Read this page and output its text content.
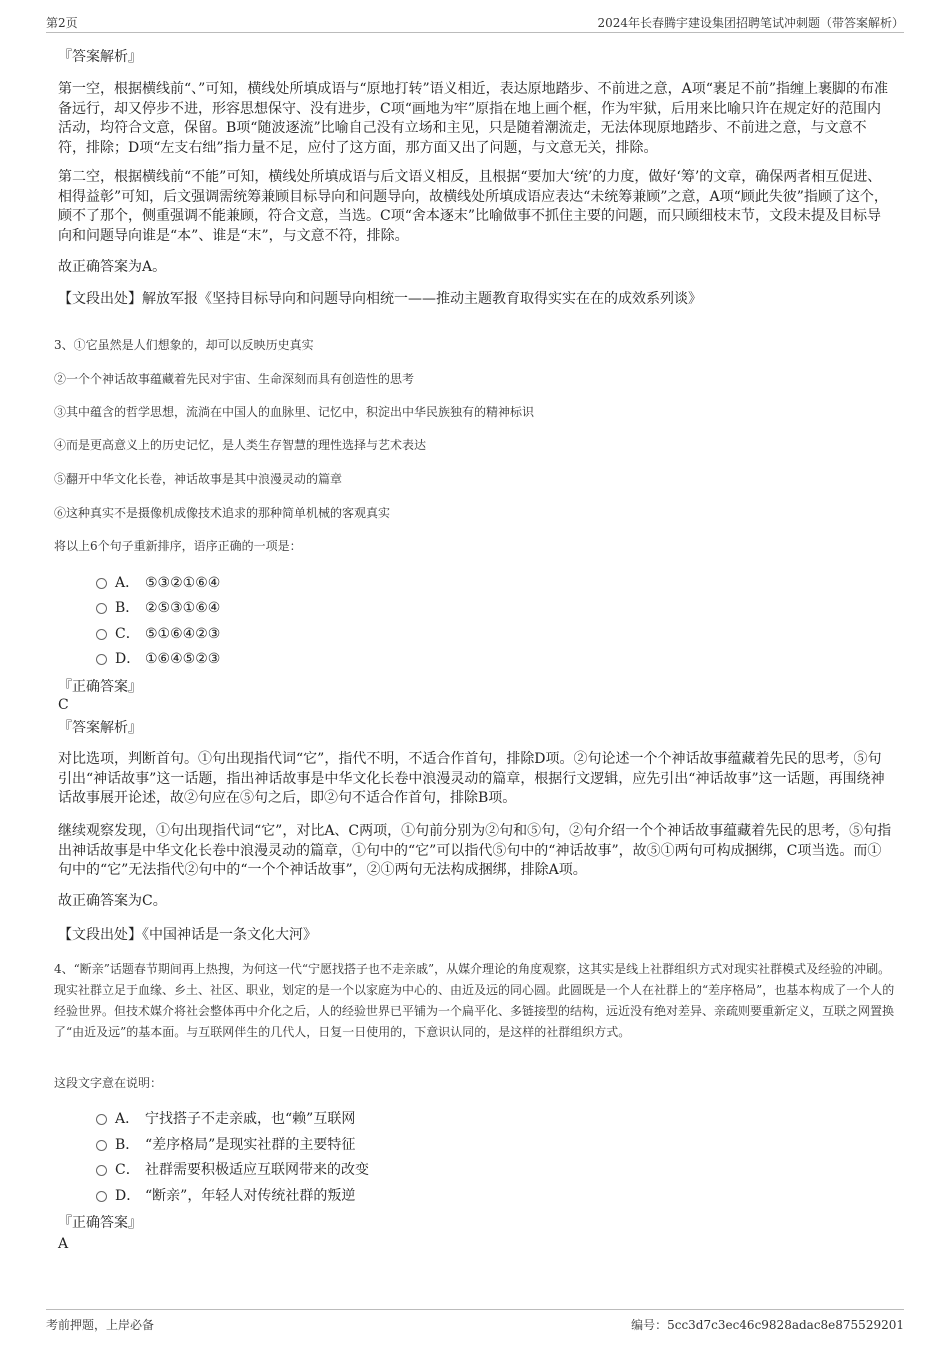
第2页	2024年长春腾宇建设集团招聘笔试冲刺题（带答案解析）
『答案解析』

第一空，根据横线前“、”可知，横线处所填成语与“原地打转”语义相近，表达原地踏步、不前进之意，A项“裹足不前”指缠上裹脚的布准备远行，却又停步不进，形容思想保守、没有进步，C项“画地为牢”原指在地上画个框，作为牢狱，后用来比喻只许在规定好的范围内活动，均符合文意，保留。B项“随波逐流”比喻自己没有立场和主见，只是随着潮流走，无法体现原地踏步、不前进之意，与文意不符，排除；D项“左支右绌”指力量不足，应付了这方面，那方面又出了问题，与文意无关，排除。

第二空，根据横线前“不能”可知，横线处所填成语与后文语义相反，且根据“要加大‘统’的力度，做好‘筹’的文章，确保两者相互促进、相得益彰”可知，后文强调需统筹兼顾目标导向和问题导向，故横线处所填成语应表达“未统筹兼顾”之意，A项“顾此失彼”指顾了这个，顾不了那个，侧重强调不能兼顾，符合文意，当选。C项“舍本逐末”比喻做事不抓住主要的问题，而只顾细枝末节，文段未提及目标导向和问题导向谁是“本”、谁是“末”，与文意不符，排除。

故正确答案为A。

【文段出处】解放军报《坚持目标导向和问题导向相统一——推动主题教育取得实实在在的成效系列谈》

3、①它虽然是人们想象的，却可以反映历史真实

②一个个神话故事蕴藏着先民对宇宙、生命深刻而具有创造性的思考

③其中蕴含的哲学思想，流淌在中国人的血脉里、记忆中，积淀出中华民族独有的精神标识

④而是更高意义上的历史记忆，是人类生存智慧的理性选择与艺术表达

⑤翻开中华文化长卷，神话故事是其中浪漫灵动的篇章

⑥这种真实不是摄像机成像技术追求的那种简单机械的客观真实

将以上6个句子重新排序，语序正确的一项是：

A． ⑤③②①⑥④
B． ②⑤③①⑥④
C． ⑤①⑥④②③
D． ①⑥④⑤②③
『正确答案』
C
『答案解析』

对比选项，判断首句。①句出现指代词“它”，指代不明，不适合作首句，排除D项。②句论述一个个神话故事蕴藏着先民的思考，⑤句引出“神话故事”这一话题，指出神话故事是中华文化长卷中浪漫灵动的篇章，根据行文逻辑，应先引出“神话故事”这一话题，再围绕神话故事展开论述，故②句应在⑤句之后，即②句不适合作首句，排除B项。

继续观察发现，①句出现指代词“它”，对比A、C两项，①句前分别为②句和⑤句，②句介绍一个个神话故事蕴藏着先民的思考，⑤句指出神话故事是中华文化长卷中浪漫灵动的篇章，①句中的“它”可以指代⑤句中的“神话故事”，故⑤①两句可构成捆绑，C项当选。而①句中的“它”无法指代②句中的“一个个神话故事”，②①两句无法构成捆绑，排除A项。

故正确答案为C。

【文段出处】《中国神话是一条文化大河》

4、“断亲”话题春节期间再上热搜，为何这一代“宁愿找搭子也不走亲戚”，从媒介理论的角度观察，这其实是线上社群组织方式对现实社群模式及经验的冲刷。现实社群立足于血缘、乡土、社区、职业，划定的是一个以家庭为中心的、由近及远的同心圆。此圆既是一个人在社群上的“差序格局”，也基本构成了一个人的经验世界。但技术媒介将社会整体再中介化之后，人的经验世界已平铺为一个扁平化、多链接型的结构，远近没有绝对差异、亲疏则要重新定义，互联之网置换了“由近及远”的基本面。与互联网伴生的几代人，日复一日使用的，下意识认同的，是这样的社群组织方式。

这段文字意在说明：

A． 宁找搭子不走亲戚，也“赖”互联网
B． “差序格局”是现实社群的主要特征
C． 社群需要积极适应互联网带来的改变
D． “断亲”，年轻人对传统社群的叛逆
『正确答案』
A
考前押题，上岸必备	编号：5cc3d7c3ec46c9828adac8e875529201
